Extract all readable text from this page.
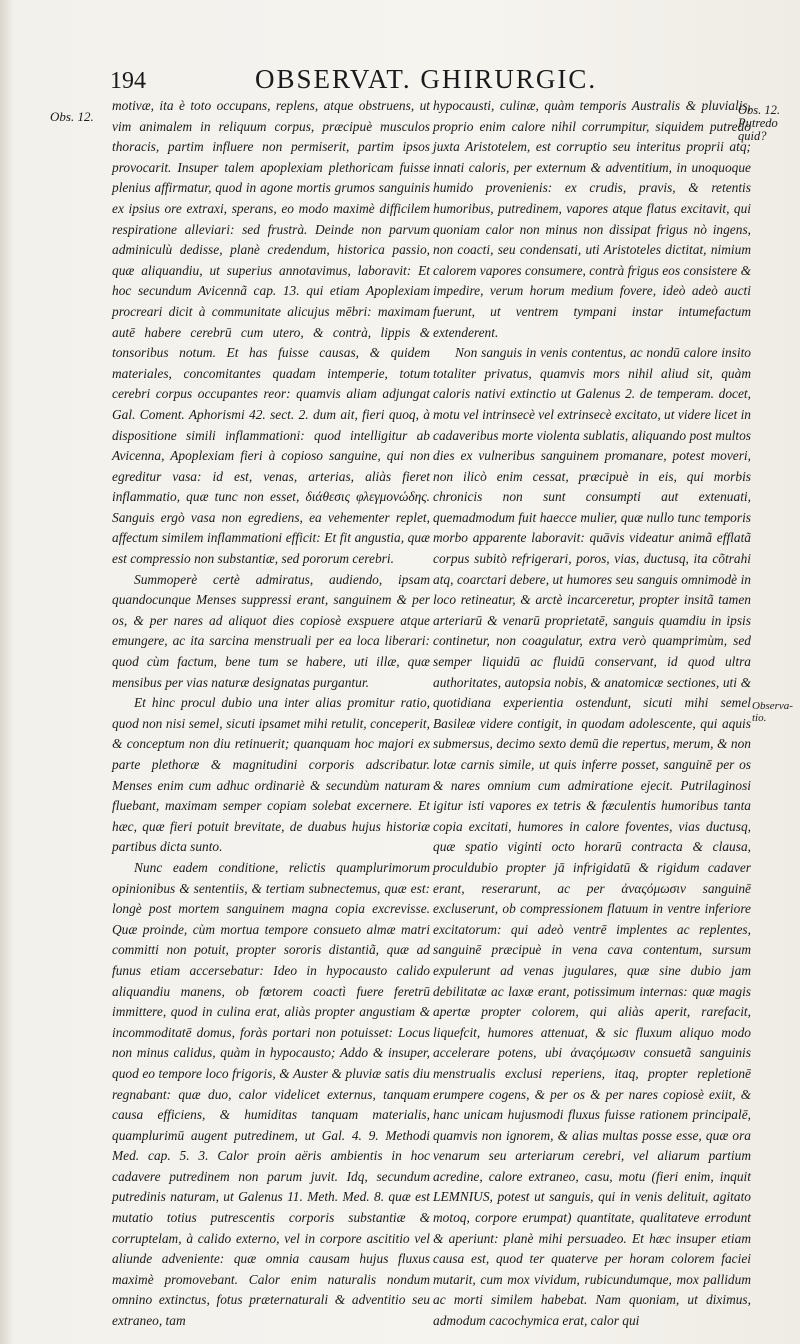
194	OBSERVAT. GHIRURGIC.
Obs. 12.	Obs. 12.
Putredo quid?
Observa-
tio.

motivæ, ita è toto occupans, replens, atque obstruens, ut vim animalem in reliquum corpus, præcipuè musculos thoracis, partim influere non permiserit, partim ipsos provocarit. Insuper talem apoplexiam plethoricam fuisse plenius affirmatur, quod in agone mortis grumos sanguinis ex ipsius ore extraxi, sperans, eo modo maximè difficilem respiratione alleviari: sed frustrà. Deinde non parvum adminiculù dedisse, planè credendum, historica passio, quæ aliquandiu, ut superius annotavimus, laboravit: Et hoc secundum Avicennã cap. 13. qui etiam Apoplexiam procreari dicit à communitate alicujus mēbri: maximam autē habere cerebrū cum utero, & contrà, lippis & tonsoribus notum. Et has fuisse causas, & quidem materiales, concomitantes quadam intemperie, totum cerebri corpus occupantes reor: quamvis aliam adjungat Gal. Coment. Aphorismi 42. sect. 2. dum ait, fieri quoq, à dispositione simili inflammationi: quod intelligitur ab Avicenna, Apoplexiam fieri à copioso sanguine, qui non egreditur vasa: id est, venas, arterias, aliàs fieret inflammatio, quæ tunc non esset, διάθεσις φλεγμονώδης. Sanguis ergò vasa non egrediens, ea vehementer replet, affectum similem inflammationi efficit: Et fit angustia, quæ est compressio non substantiæ, sed pororum cerebri.

Summoperè certè admiratus, audiendo, ipsam quandocunque Menses suppressi erant, sanguinem & per os, & per nares ad aliquot dies copiosè exspuere atque emungere, ac ita sarcina menstruali per ea loca liberari: quod cùm factum, bene tum se habere, uti illæ, quæ mensibus per vias naturæ designatas purgantur.

Et hinc procul dubio una inter alias promitur ratio, quod non nisi semel, sicuti ipsamet mihi retulit, conceperit, & conceptum non diu retinuerit; quanquam hoc majori ex parte plethoræ & magnitudini corporis adscribatur. Menses enim cum adhuc ordinariè & secundùm naturam fluebant, maximam semper copiam solebat excernere. Et hæc, quæ fieri potuit brevitate, de duabus hujus historiæ partibus dicta sunto.

Nunc eadem conditione, relictis quamplurimorum opinionibus & sententiis, & tertiam subnectemus, quæ est: longè post mortem sanguinem magna copia excrevisse. Quæ proinde, cùm mortua tempore consueto almæ matri committi non potuit, propter sororis distantiã, quæ ad funus etiam accersebatur: Ideo in hypocausto calido aliquandiu manens, ob fœtorem coactì fuere feretrū immittere, quod in culina erat, aliàs propter angustiam & incommoditatē domus, foràs portari non potuisset: Locus non minus calidus, quàm in hypocausto; Addo & insuper, quod eo tempore loco frigoris, & Auster & pluviæ satis diu regnabant: quæ duo, calor videlicet externus, tanquam causa efficiens, & humiditas tanquam materialis, quamplurimū augent putredinem, ut Gal. 4. 9. Methodi Med. cap. 5. 3. Calor proin aëris ambientis in hoc cadavere putredinem non parum juvit. Idq, secundum putredinis naturam, ut Galenus 11. Meth. Med. 8. quæ est mutatio totius putrescentis corporis substantiæ & corruptelam, à calido externo, vel in corpore ascititio vel aliunde adveniente: quæ omnia causam hujus fluxus maximè promovebant. Calor enim naturalis nondum omnino extinctus, fotus præternaturali & adventitio seu extraneo, tam

hypocausti, culinæ, quàm temporis Australis & pluvialis, proprio enim calore nihil corrumpitur, siquidem putredo juxta Aristotelem, est corruptio seu interitus proprii atq; innati caloris, per externum & adventitium, in unoquoque humido provenienis: ex crudis, pravis, & retentis humoribus, putredinem, vapores atque flatus excitavit, qui quoniam calor non minus non dissipat frigus nò ingens, non coacti, seu condensati, uti Aristoteles dictitat, nimium calorem vapores consumere, contrà frigus eos consistere & impedire, verum horum medium fovere, ideò adeò aucti fuerunt, ut ventrem tympani instar intumefactum extenderent.

Non sanguis in venis contentus, ac nondū calore insito totaliter privatus, quamvis mors nihil aliud sit, quàm caloris nativi extinctio ut Galenus 2. de temperam. docet, motu vel intrinsecè vel extrinsecè excitato, ut videre licet in cadaveribus morte violenta sublatis, aliquando post multos dies ex vulneribus sanguinem promanare, potest moveri, non ilicò enim cessat, præcipuè in eis, qui morbis chronicis non sunt consumpti aut extenuati, quemadmodum fuit haecce mulier, quæ nullo tunc temporis morbo apparente laboravit: quāvis videatur animã efflatã corpus subitò refrigerari, poros, vias, ductusq, ita cõtrahi atq, coarctari debere, ut humores seu sanguis omnimodè in loco retineatur, & arctè incarceretur, propter insitã tamen arteriarū & venarū proprietatē, sanguis quamdiu in ipsis continetur, non coagulatur, extra verò quamprimùm, sed semper liquidū ac fluidū conservant, id quod ultra authoritates, autopsia nobis, & anatomicæ sectiones, uti & quotidiana experientia ostendunt, sicuti mihi semel Basileæ videre contigit, in quodam adolescente, qui aquis submersus, decimo sexto demū die repertus, merum, & non lotæ carnis simile, ut quis inferre posset, sanguinē per os & nares omnium cum admiratione ejecit. Putrilaginosi igitur isti vapores ex tetris & fæculentis humoribus tanta copia excitati, humores in calore foventes, vias ductusq, quæ spatio viginti octo horarū contracta & clausa, proculdubio propter jā infrigidatū & rigidum cadaver erant, reserarunt, ac per ἀναςόμωσιν sanguinē excluserunt, ob compressionem flatuum in ventre inferiore excitatorum: qui adeò ventrē implentes ac replentes, sanguinē præcipuè in vena cava contentum, sursum expulerunt ad venas jugulares, quæ sine dubio jam debilitatæ ac laxæ erant, potissimum internas: quæ magis apertæ propter colorem, qui aliàs aperit, rarefacit, liquefcit, humores attenuat, & sic fluxum aliquo modo accelerare potens, ubi ἀναςόμωσιν consuetã sanguinis menstrualis exclusi reperiens, itaq, propter repletionē erumpere cogens, & per os & per nares copiosè exiit, & hanc unicam hujusmodi fluxus fuisse rationem principalē, quamvis non ignorem, & alias multas posse esse, quæ ora venarum seu arteriarum cerebri, vel aliarum partium acredine, calore extraneo, casu, motu (fieri enim, inquit LEMNIUS, potest ut sanguis, qui in venis delituit, agitato motoq, corpore erumpat) quantitate, qualitateve errodunt & aperiunt: planè mihi persuadeo. Et hæc insuper etiam causa est, quod ter quaterve per horam colorem faciei mutarit, cum mox vividum, rubicundumque, mox pallidum ac morti similem habebat. Nam quoniam, ut diximus, admodum cacochymica erat, calor qui
